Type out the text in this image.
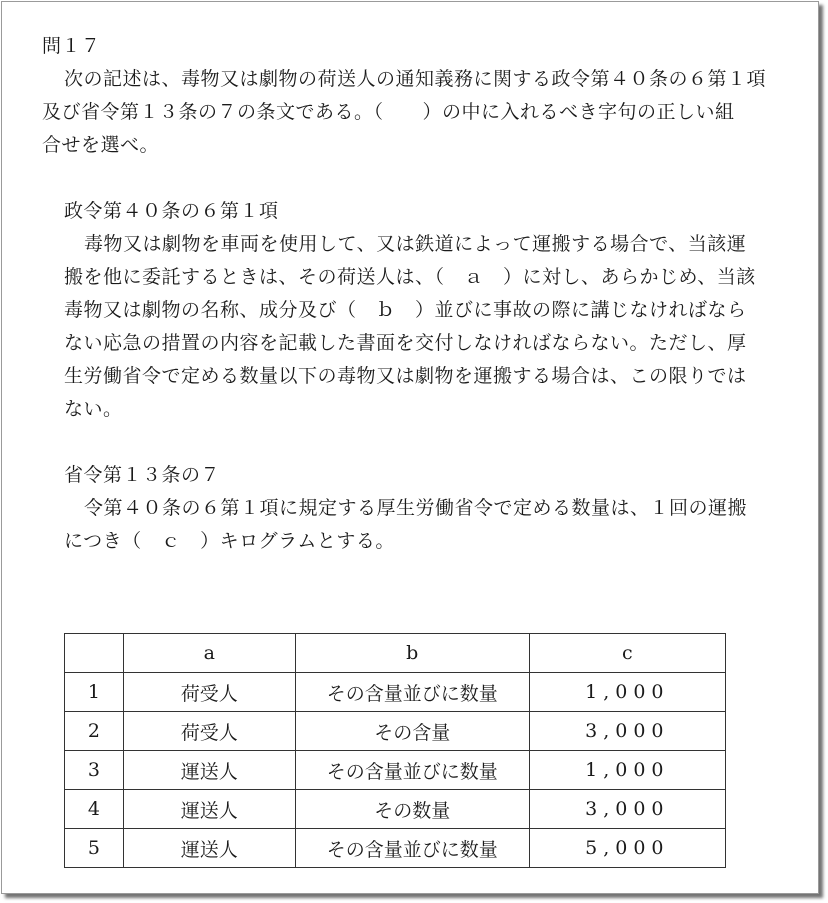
問１７
次の記述は、毒物又は劇物の荷送人の通知義務に関する政令第４０条の６第１項
及び省令第１３条の７の条文である。（　　）の中に入れるべき字句の正しい組
合せを選べ。
政令第４０条の６第１項
毒物又は劇物を車両を使用して、又は鉄道によって運搬する場合で、当該運
搬を他に委託するときは、その荷送人は、（　ａ　）に対し、あらかじめ、当該
毒物又は劇物の名称、成分及び（　ｂ　）並びに事故の際に講じなければなら
ない応急の措置の内容を記載した書面を交付しなければならない。ただし、厚
生労働省令で定める数量以下の毒物又は劇物を運搬する場合は、この限りでは
ない。
省令第１３条の７
令第４０条の６第１項に規定する厚生労働省令で定める数量は、１回の運搬
につき（　ｃ　）キログラムとする。
	a	b	c
1	荷受人	その含量並びに数量	1,000
2	荷受人	その含量	3,000
3	運送人	その含量並びに数量	1,000
4	運送人	その数量	3,000
5	運送人	その含量並びに数量	5,000
